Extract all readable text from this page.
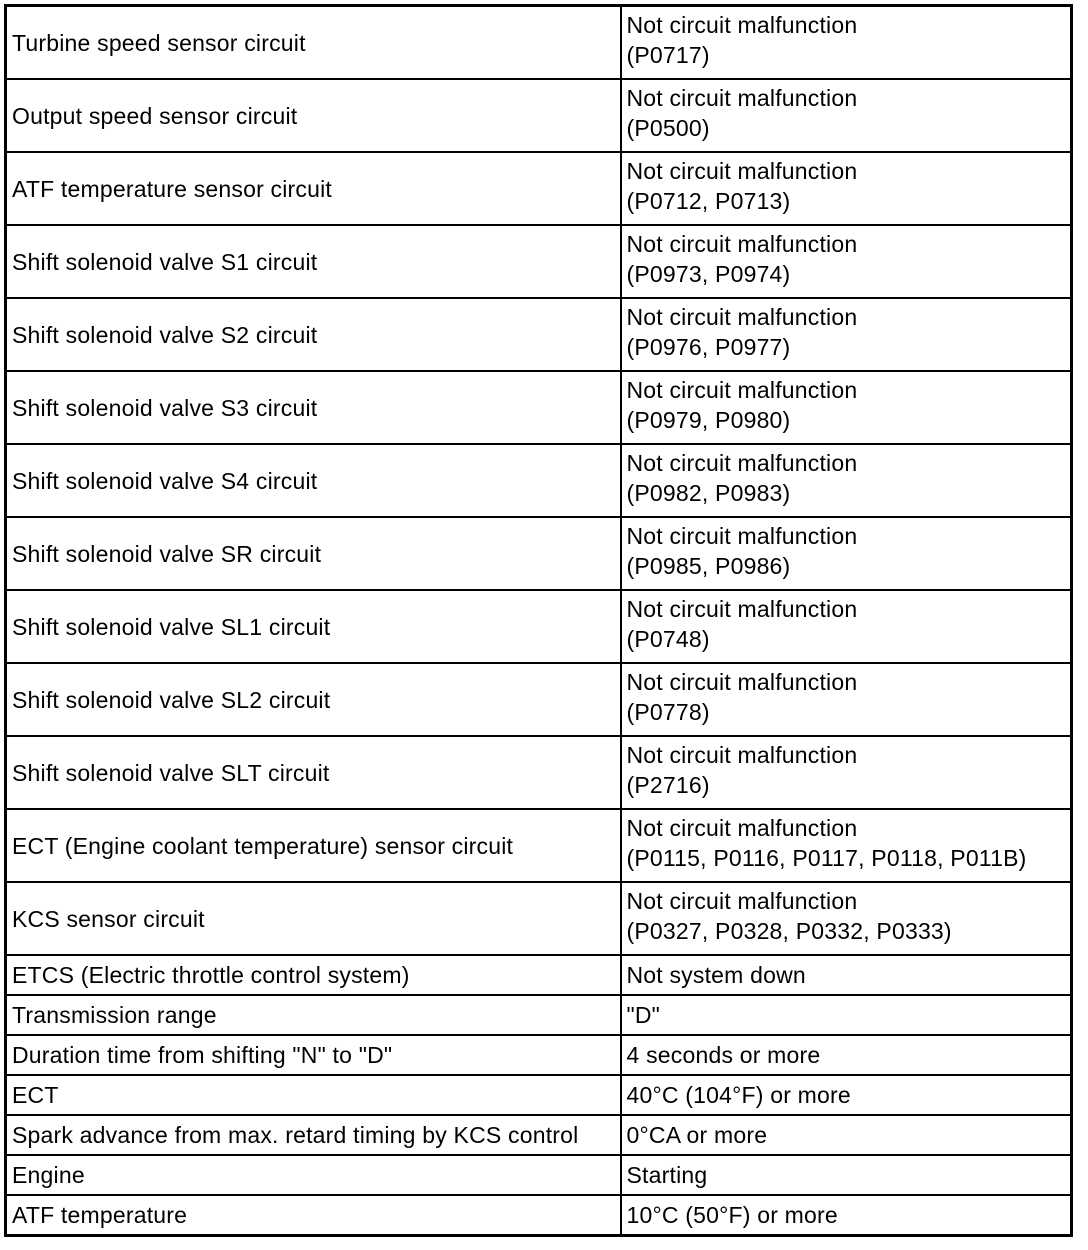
Turbine speed sensor circuit	Not circuit malfunction
(P0717)

Output speed sensor circuit	Not circuit malfunction
(P0500)

ATF temperature sensor circuit	Not circuit malfunction
(P0712, P0713)

Shift solenoid valve S1 circuit	Not circuit malfunction
(P0973, P0974)

Shift solenoid valve S2 circuit	Not circuit malfunction
(P0976, P0977)

Shift solenoid valve S3 circuit	Not circuit malfunction
(P0979, P0980)

Shift solenoid valve S4 circuit	Not circuit malfunction
(P0982, P0983)

Shift solenoid valve SR circuit	Not circuit malfunction
(P0985, P0986)

Shift solenoid valve SL1 circuit	Not circuit malfunction
(P0748)

Shift solenoid valve SL2 circuit	Not circuit malfunction
(P0778)

Shift solenoid valve SLT circuit	Not circuit malfunction
(P2716)

ECT (Engine coolant temperature) sensor circuit	Not circuit malfunction
(P0115, P0116, P0117, P0118, P011B)

KCS sensor circuit	Not circuit malfunction
(P0327, P0328, P0332, P0333)

ETCS (Electric throttle control system)	Not system down
Transmission range	"D"
Duration time from shifting "N" to "D"	4 seconds or more
ECT	40°C (104°F) or more
Spark advance from max. retard timing by KCS control	0°CA or more
Engine	Starting
ATF temperature	10°C (50°F) or more
